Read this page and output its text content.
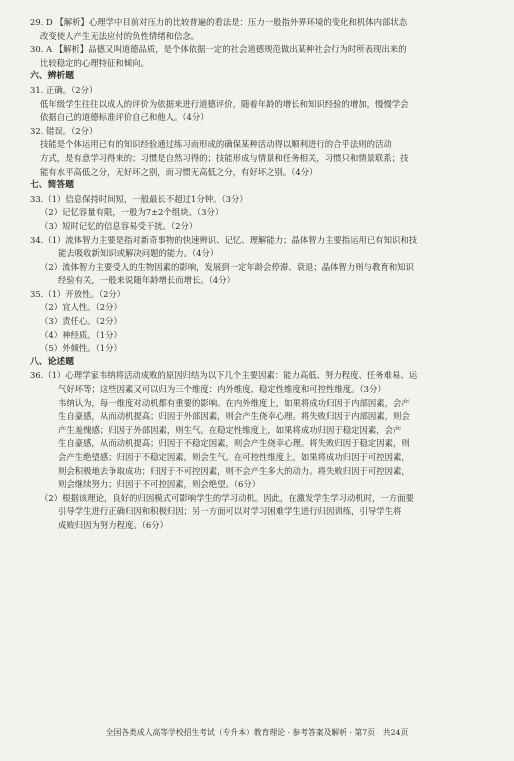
29. D 【解析】心理学中目前对压力的比较普遍的看法是：压力一般指外界环境的变化和机体内部状态
改变使人产生无法应付的负性情绪和信念。
30. A 【解析】品德又叫道德品质，是个体依据一定的社会道德规范做出某种社会行为时所表现出来的
比较稳定的心理特征和倾向。
六、辨析题
31. 正确。（2分）
低年级学生往往以成人的评价为依据来进行道德评价，随着年龄的增长和知识经验的增加，慢慢学会
依据自己的道德标准评价自己和他人。（4分）
32. 错误。（2分）
技能是个体运用已有的知识经验通过练习而形成的确保某种活动得以顺利进行的合乎法则的活动
方式，是有意学习得来的；习惯是自然习得的；技能形成与情景和任务相关，习惯只和情景联系；技
能有水平高低之分，无好坏之别，而习惯无高低之分，有好坏之别。（4分）
七、简答题
33.（1）信息保持时间短，一般最长不超过1分钟。（3分）
（2）记忆容量有限，一般为7±2个组块。（3分）
（3）短时记忆的信息容易受干扰。（2分）
34.（1）流体智力主要是指对新奇事物的快速辨识、记忆、理解能力；晶体智力主要指运用已有知识和技
能去吸收新知识或解决问题的能力。（4分）
（2）流体智力主要受人的生物因素的影响，发展到一定年龄会停滞、衰退；晶体智力则与教育和知识
经验有关，一般来说随年龄增长而增长。（4分）
35.（1）开放性。（2分）
（2）宜人性。（2分）
（3）责任心。（2分）
（4）神经质。（1分）
（5）外倾性。（1分）
八、论述题
36.（1）心理学家韦纳将活动成败的原因归结为以下几个主要因素：能力高低、努力程度、任务难易、运
气好坏等；这些因素又可以归为三个维度：内外维度、稳定性维度和可控性维度。（3分）
韦纳认为，每一维度对动机都有重要的影响。在内外维度上，如果将成功归因于内部因素，会产
生自豪感，从而动机提高；归因于外部因素，则会产生侥幸心理。将失败归因于内部因素，则会
产生羞愧感；归因于外部因素，则生气。在稳定性维度上，如果将成功归因于稳定因素，会产
生自豪感，从而动机提高；归因于不稳定因素，则会产生侥幸心理。将失败归因于稳定因素，则
会产生绝望感；归因于不稳定因素，则会生气。在可控性维度上，如果将成功归因于可控因素，
则会积极地去争取成功；归因于不可控因素，则不会产生多大的动力。将失败归因于可控因素，
则会继续努力；归因于不可控因素，则会绝望。（6分）
（2）根据该理论，良好的归因模式可影响学生的学习动机。因此，在激发学生学习动机时，一方面要
引导学生进行正确归因和积极归因；另一方面可以对学习困难学生进行归因训练，引导学生将
成败归因为努力程度。（6分）
全国各类成人高等学校招生考试（专升本）教育理论 · 参考答案及解析 · 第7页　共24页
